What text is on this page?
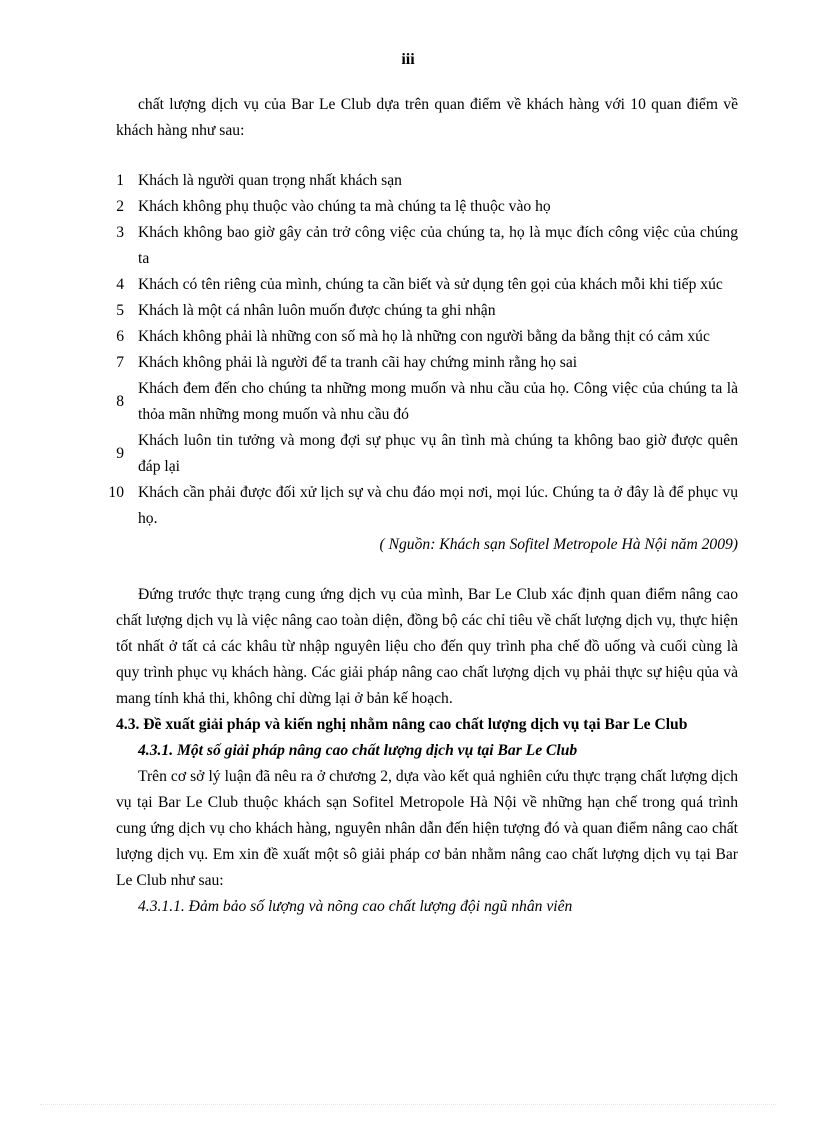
iii

chất lượng dịch vụ của Bar Le Club dựa trên quan điểm về khách hàng với 10 quan điểm về khách hàng như sau:

1 Khách là người quan trọng nhất khách sạn
2 Khách không phụ thuộc vào chúng ta mà chúng ta lệ thuộc vào họ
3 Khách không bao giờ gây cản trở công việc của chúng ta, họ là mục đích công việc của chúng ta
4 Khách có tên riêng của mình, chúng ta cần biết và sử dụng tên gọi của khách mỗi khi tiếp xúc
5 Khách là một cá nhân luôn muốn được chúng ta ghi nhận
6 Khách không phải là những con số mà họ là những con người bằng da bằng thịt có cảm xúc
7 Khách không phải là người để ta tranh cãi hay chứng minh rằng họ sai
8
Khách đem đến cho chúng ta những mong muốn và nhu cầu của họ. Công việc của chúng ta là thỏa mãn những mong muốn và nhu cầu đó
9
Khách luôn tin tưởng và mong đợi sự phục vụ ân tình mà chúng ta không bao giờ được quên đáp lại
10 Khách cần phải được đối xử lịch sự và chu đáo mọi nơi, mọi lúc. Chúng ta ở đây là để phục vụ họ.

( Nguồn: Khách sạn Sofitel Metropole Hà Nội năm 2009)

Đứng trước thực trạng cung ứng dịch vụ của mình, Bar Le Club xác định quan điểm nâng cao chất lượng dịch vụ là việc nâng cao toàn diện, đồng bộ các chỉ tiêu về chất lượng dịch vụ, thực hiện tốt nhất ở tất cả các khâu từ nhập nguyên liệu cho đến quy trình pha chế đồ uống và cuối cùng là quy trình phục vụ khách hàng. Các giải pháp nâng cao chất lượng dịch vụ phải thực sự hiệu qủa và mang tính khả thi, không chỉ dừng lại ở bản kế hoạch.

4.3. Đề xuất giải pháp và kiến nghị nhằm nâng cao chất lượng dịch vụ tại Bar Le Club

4.3.1. Một số giải pháp nâng cao chất lượng dịch vụ tại Bar Le Club

Trên cơ sở lý luận đã nêu ra ở chương 2, dựa vào kết quả nghiên cứu thực trạng chất lượng dịch vụ tại Bar Le Club thuộc khách sạn Sofitel Metropole Hà Nội về những hạn chế trong quá trình cung ứng dịch vụ cho khách hàng, nguyên nhân dẫn đến hiện tượng đó và quan điểm nâng cao chất lượng dịch vụ. Em xin đề xuất một sô giải pháp cơ bản nhằm nâng cao chất lượng dịch vụ tại Bar Le Club như sau:

4.3.1.1. Đảm bảo số lượng và nõng cao chất lượng đội ngũ nhân viên
